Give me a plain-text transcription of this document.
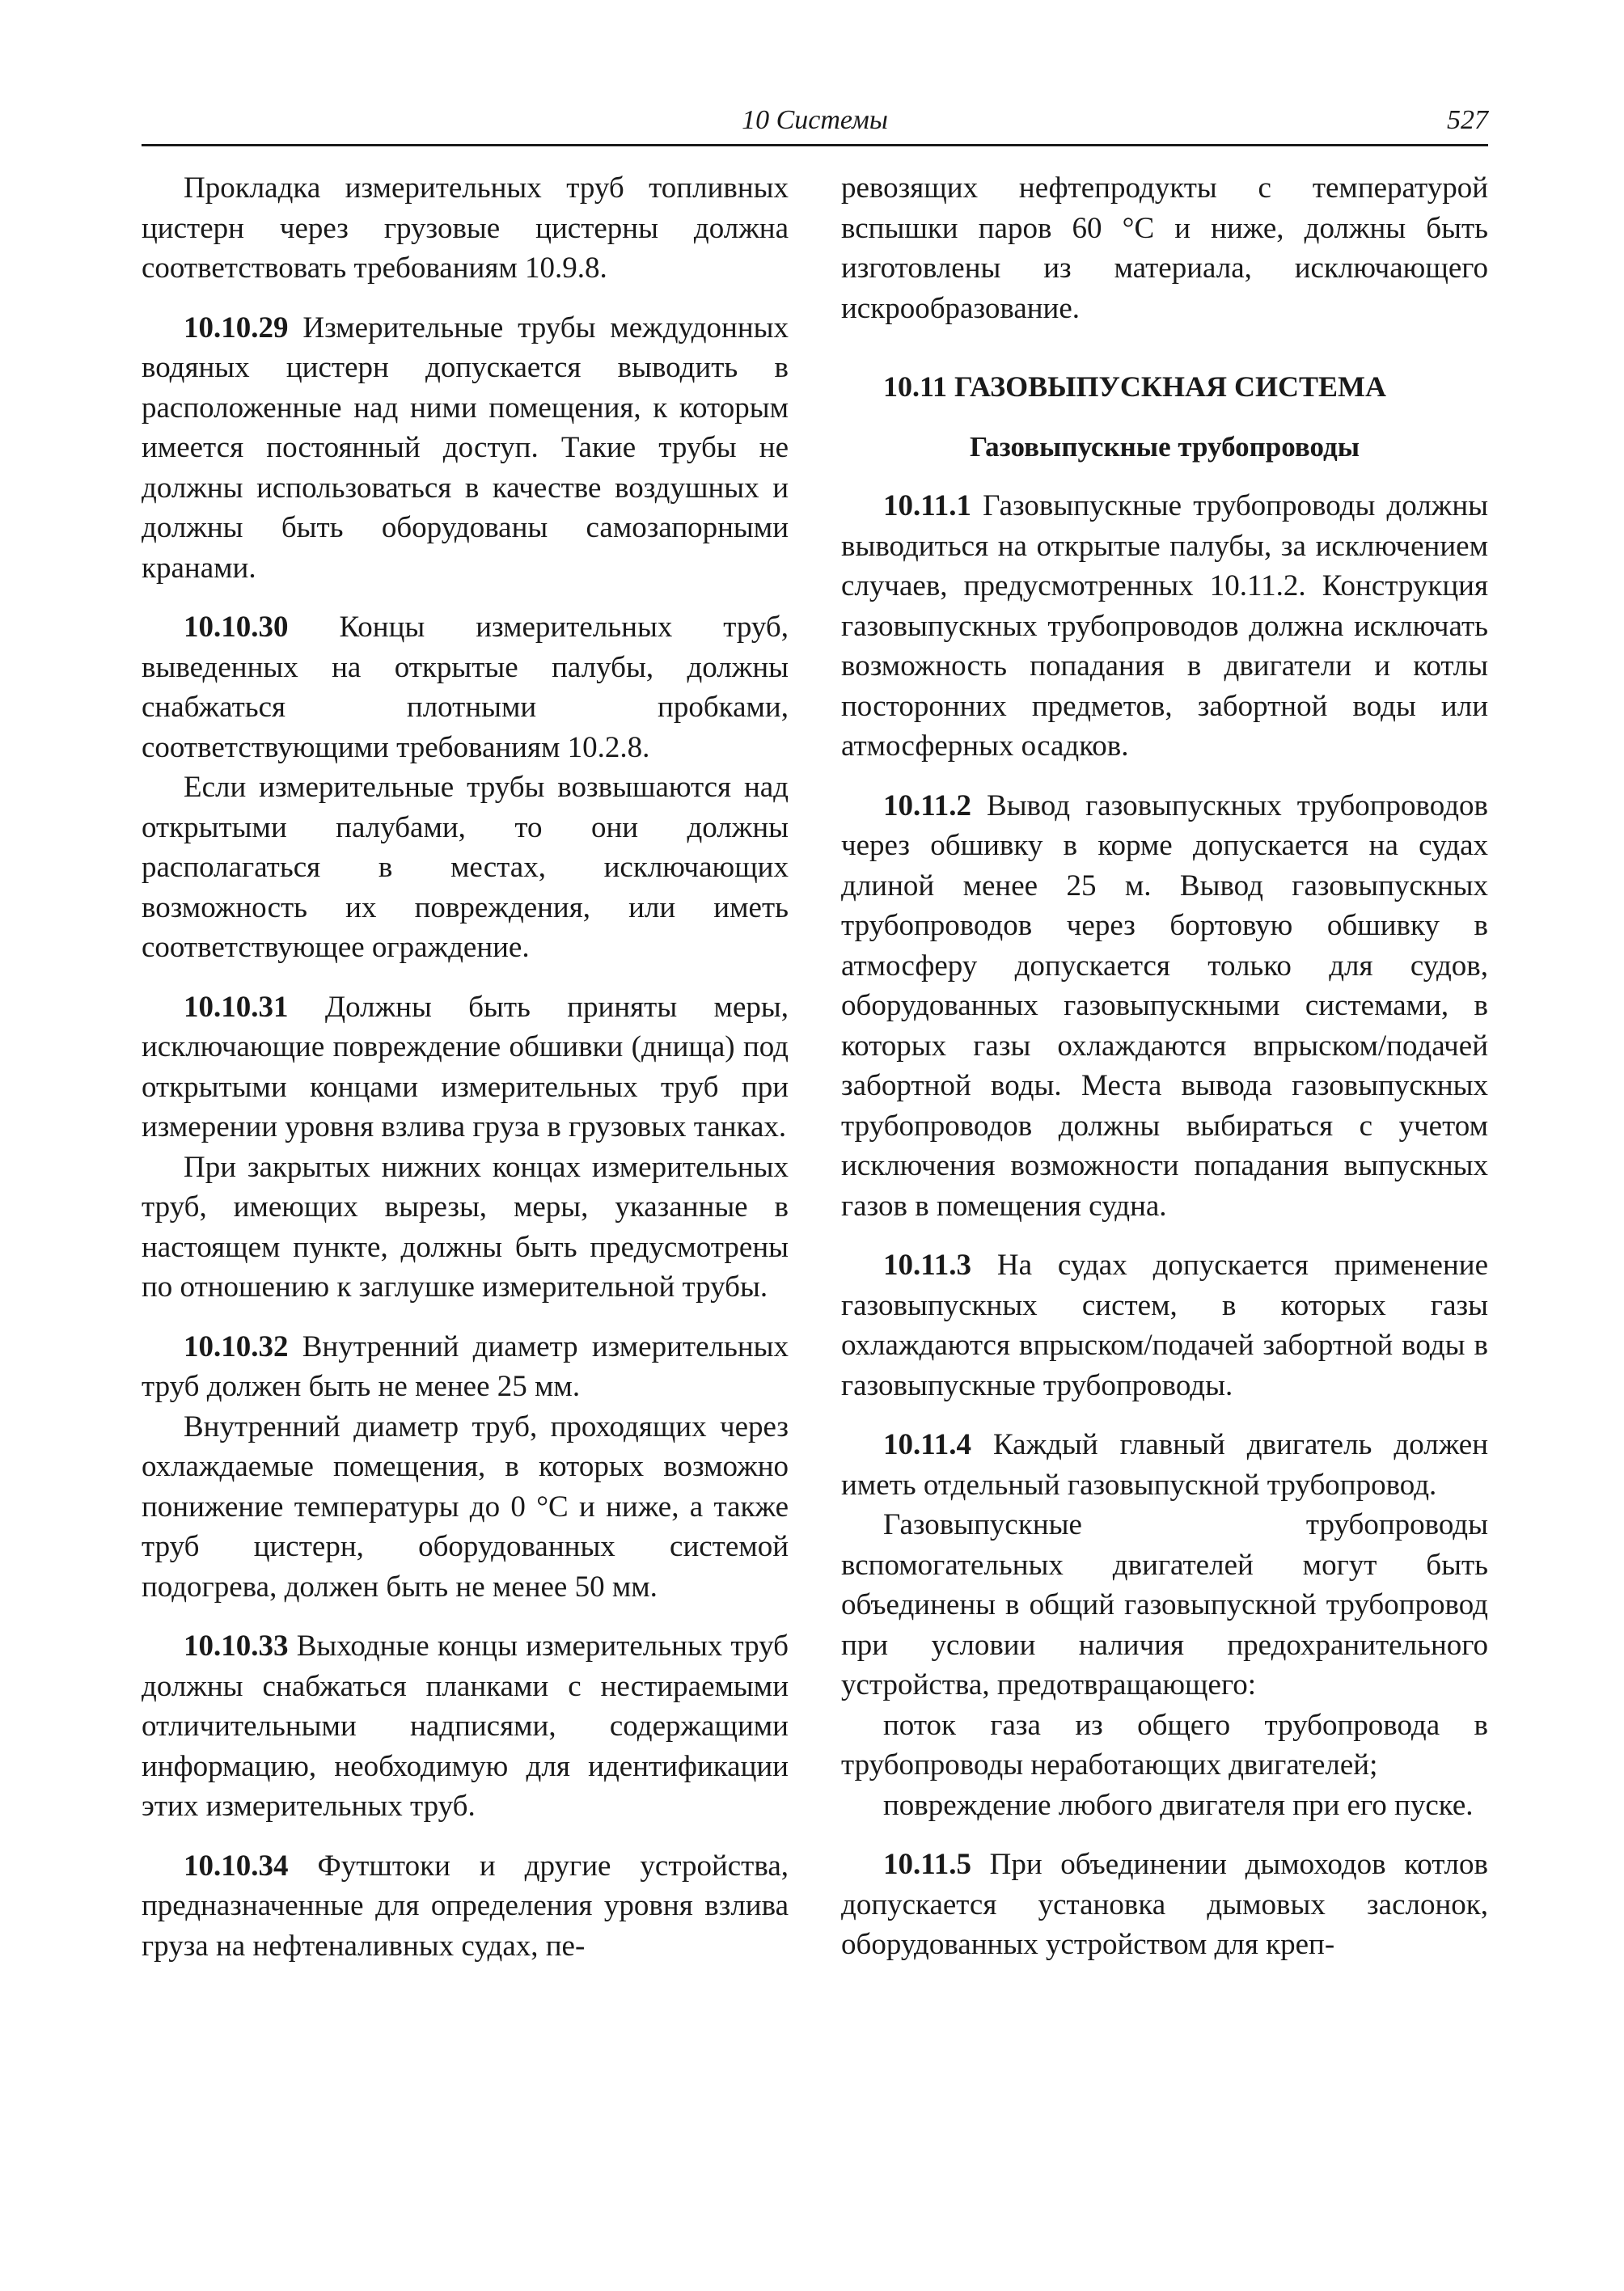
10 Системы	527

Прокладка измерительных труб топливных цистерн через грузовые цистерны должна соответствовать требованиям 10.9.8.

10.10.29 Измерительные трубы междудонных водяных цистерн допускается выводить в расположенные над ними помещения, к которым имеется постоянный доступ. Такие трубы не должны использоваться в качестве воздушных и должны быть оборудованы самозапорными кранами.

10.10.30 Концы измерительных труб, выведенных на открытые палубы, должны снабжаться плотными пробками, соответствующими требованиям 10.2.8.

Если измерительные трубы возвышаются над открытыми палубами, то они должны располагаться в местах, исключающих возможность их повреждения, или иметь соответствующее ограждение.

10.10.31 Должны быть приняты меры, исключающие повреждение обшивки (днища) под открытыми концами измерительных труб при измерении уровня взлива груза в грузовых танках.

При закрытых нижних концах измерительных труб, имеющих вырезы, меры, указанные в настоящем пункте, должны быть предусмотрены по отношению к заглушке измерительной трубы.

10.10.32 Внутренний диаметр измерительных труб должен быть не менее 25 мм.

Внутренний диаметр труб, проходящих через охлаждаемые помещения, в которых возможно понижение температуры до 0 °С и ниже, а также труб цистерн, оборудованных системой подогрева, должен быть не менее 50 мм.

10.10.33 Выходные концы измерительных труб должны снабжаться планками с нестираемыми отличительными надписями, содержащими информацию, необходимую для идентификации этих измерительных труб.

10.10.34 Футштоки и другие устройства, предназначенные для определения уровня взлива груза на нефтеналивных судах, пе-

ревозящих нефтепродукты с температурой вспышки паров 60 °С и ниже, должны быть изготовлены из материала, исключающего искрообразование.

10.11 ГАЗОВЫПУСКНАЯ СИСТЕМА
Газовыпускные трубопроводы

10.11.1 Газовыпускные трубопроводы должны выводиться на открытые палубы, за исключением случаев, предусмотренных 10.11.2. Конструкция газовыпускных трубопроводов должна исключать возможность попадания в двигатели и котлы посторонних предметов, забортной воды или атмосферных осадков.

10.11.2 Вывод газовыпускных трубопроводов через обшивку в корме допускается на судах длиной менее 25 м. Вывод газовыпускных трубопроводов через бортовую обшивку в атмосферу допускается только для судов, оборудованных газовыпускными системами, в которых газы охлаждаются впрыском/подачей забортной воды. Места вывода газовыпускных трубопроводов должны выбираться с учетом исключения возможности попадания выпускных газов в помещения судна.

10.11.3 На судах допускается применение газовыпускных систем, в которых газы охлаждаются впрыском/подачей забортной воды в газовыпускные трубопроводы.

10.11.4 Каждый главный двигатель должен иметь отдельный газовыпускной трубопровод.

Газовыпускные трубопроводы вспомогательных двигателей могут быть объединены в общий газовыпускной трубопровод при условии наличия предохранительного устройства, предотвращающего:

поток газа из общего трубопровода в трубопроводы неработающих двигателей;

повреждение любого двигателя при его пуске.

10.11.5 При объединении дымоходов котлов допускается установка дымовых заслонок, оборудованных устройством для креп-
